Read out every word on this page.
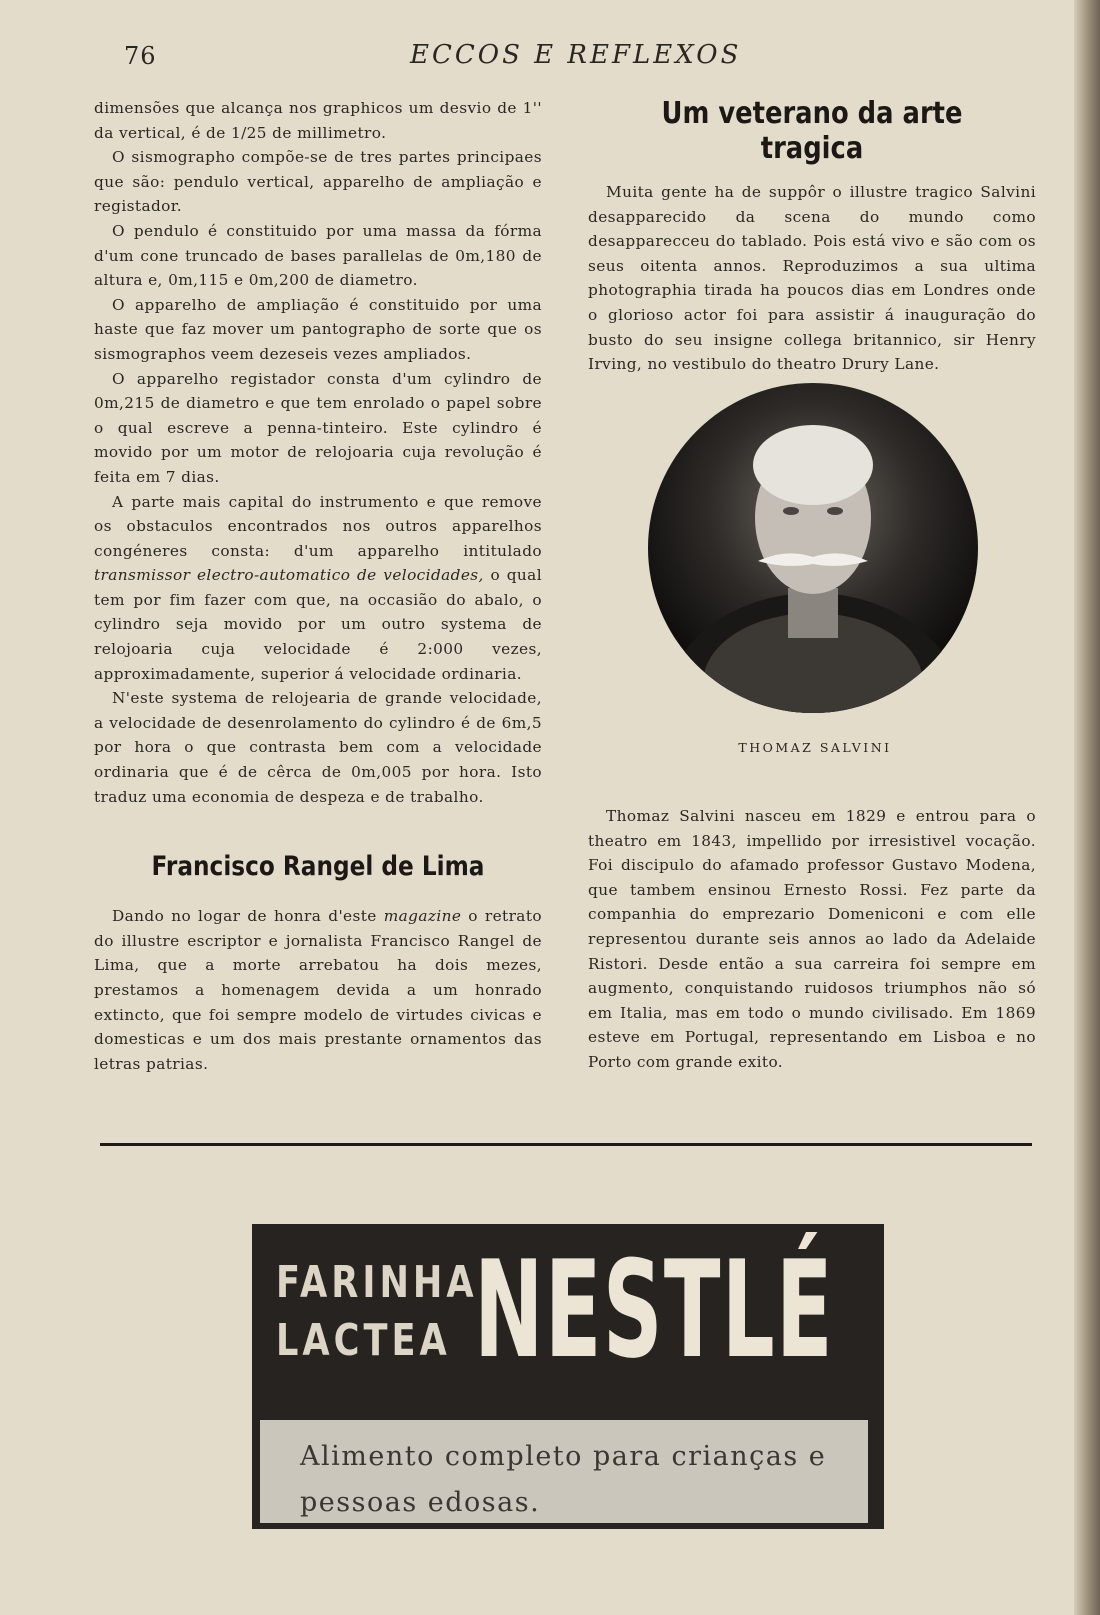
76	ECCOS E REFLEXOS

dimensões que alcança nos graphicos um desvio de 1'' da vertical, é de 1/25 de millimetro.

O sismographo compõe-se de tres partes principaes que são: pendulo vertical, apparelho de ampliação e registador.

O pendulo é constituido por uma massa da fórma d'um cone truncado de bases parallelas de 0m,180 de altura e, 0m,115 e 0m,200 de diametro.

O apparelho de ampliação é constituido por uma haste que faz mover um pantographo de sorte que os sismographos veem dezeseis vezes ampliados.

O apparelho registador consta d'um cylindro de 0m,215 de diametro e que tem enrolado o papel sobre o qual escreve a penna-tinteiro. Este cylindro é movido por um motor de relojoaria cuja revolução é feita em 7 dias.

A parte mais capital do instrumento e que remove os obstaculos encontrados nos outros apparelhos congéneres consta: d'um apparelho intitulado transmissor electro-automatico de velocidades, o qual tem por fim fazer com que, na occasião do abalo, o cylindro seja movido por um outro systema de relojoaria cuja velocidade é 2:000 vezes, approximadamente, superior á velocidade ordinaria.

N'este systema de relojearia de grande velocidade, a velocidade de desenrolamento do cylindro é de 6m,5 por hora o que contrasta bem com a velocidade ordinaria que é de cêrca de 0m,005 por hora. Isto traduz uma economia de despeza e de trabalho.

Francisco Rangel de Lima

Dando no logar de honra d'este magazine o retrato do illustre escriptor e jornalista Francisco Rangel de Lima, que a morte arrebatou ha dois mezes, prestamos a homenagem devida a um honrado extincto, que foi sempre modelo de virtudes civicas e domesticas e um dos mais prestante ornamentos das letras patrias.

Um veterano da arte tragica

Muita gente ha de suppôr o illustre tragico Salvini desapparecido da scena do mundo como desapparecceu do tablado. Pois está vivo e são com os seus oitenta annos. Reproduzimos a sua ultima photographia tirada ha poucos dias em Londres onde o glorioso actor foi para assistir á inauguração do busto do seu insigne collega britannico, sir Henry Irving, no vestibulo do theatro Drury Lane.

THOMAZ SALVINI

Thomaz Salvini nasceu em 1829 e entrou para o theatro em 1843, impellido por irresistivel vocação. Foi discipulo do afamado professor Gustavo Modena, que tambem ensinou Ernesto Rossi. Fez parte da companhia do emprezario Domeniconi e com elle representou durante seis annos ao lado da Adelaide Ristori. Desde então a sua carreira foi sempre em augmento, conquistando ruidosos triumphos não só em Italia, mas em todo o mundo civilisado. Em 1869 esteve em Portugal, representando em Lisboa e no Porto com grande exito.

FARINHA
LACTEA NESTLÉ
Alimento completo para crianças e pessoas edosas.
